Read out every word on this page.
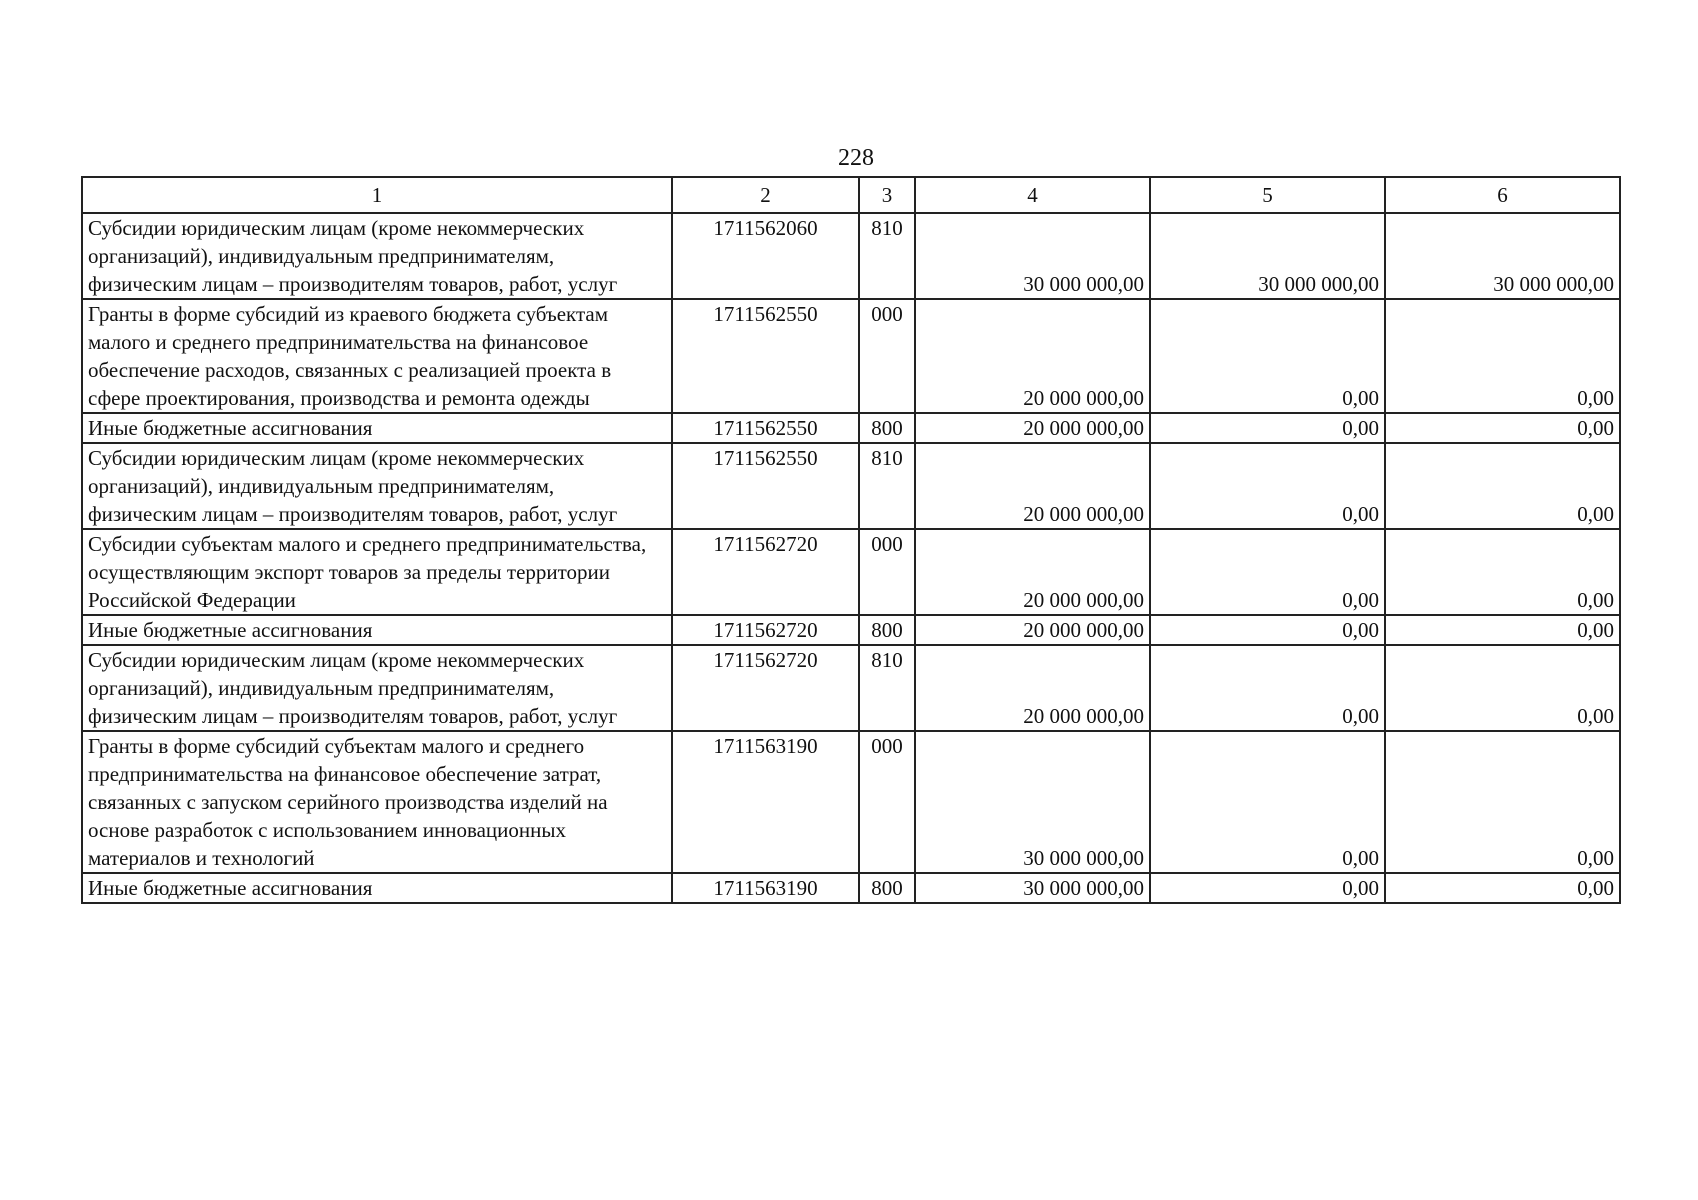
228
1	2	3	4	5	6
Субсидии юридическим лицам (кроме некоммерческих организаций), индивидуальным предпринимателям, физическим лицам – производителям товаров, работ, услуг	1711562060	810	30 000 000,00	30 000 000,00	30 000 000,00
Гранты в форме субсидий из краевого бюджета субъектам малого и среднего предпринимательства на финансовое обеспечение расходов, связанных с реализацией проекта в сфере проектирования, производства и ремонта одежды	1711562550	000	20 000 000,00	0,00	0,00
Иные бюджетные ассигнования	1711562550	800	20 000 000,00	0,00	0,00
Субсидии юридическим лицам (кроме некоммерческих организаций), индивидуальным предпринимателям, физическим лицам – производителям товаров, работ, услуг	1711562550	810	20 000 000,00	0,00	0,00
Субсидии субъектам малого и среднего предпринимательства, осуществляющим экспорт товаров за пределы территории Российской Федерации	1711562720	000	20 000 000,00	0,00	0,00
Иные бюджетные ассигнования	1711562720	800	20 000 000,00	0,00	0,00
Субсидии юридическим лицам (кроме некоммерческих организаций), индивидуальным предпринимателям, физическим лицам – производителям товаров, работ, услуг	1711562720	810	20 000 000,00	0,00	0,00
Гранты в форме субсидий субъектам малого и среднего предпринимательства на финансовое обеспечение затрат, связанных с запуском серийного производства изделий на основе разработок с использованием инновационных материалов и технологий	1711563190	000	30 000 000,00	0,00	0,00
Иные бюджетные ассигнования	1711563190	800	30 000 000,00	0,00	0,00
